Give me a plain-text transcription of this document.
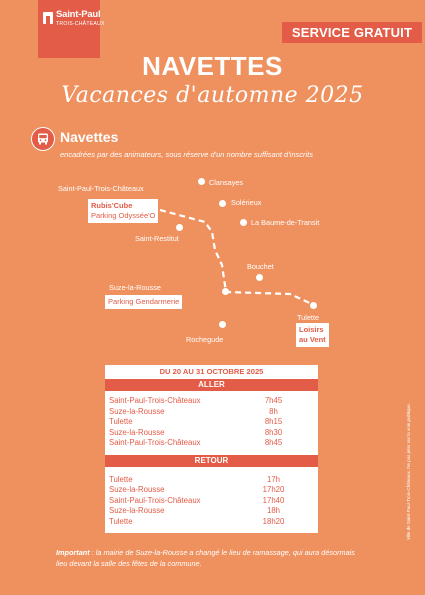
Saint-Paul
TROIS-CHÂTEAUX
SERVICE GRATUIT
NAVETTES
Vacances d'automne 2025
Navettes
encadrées par des animateurs, sous réserve d'un nombre suffisant d'inscrits
Clansayes
Saint-Paul-Trois-Châteaux
Solérieux
Rubis'Cube
Parking Odyssée'O
La Baume-de-Transit
Saint-Restitut
Bouchet
Suze-la-Rousse
Parking Gendarmerie
Tulette
Loisirs
au Vent
Rochegude
DU 20 AU 31 OCTOBRE 2025
ALLER
Saint-Paul-Trois-Châteaux	7h45
Suze-la-Rousse	8h
Tulette	8h15
Suze-la-Rousse	8h30
Saint-Paul-Trois-Châteaux	8h45
RETOUR
Tulette	17h
Suze-la-Rousse	17h20
Saint-Paul-Trois-Châteaux	17h40
Suze-la-Rousse	18h
Tulette	18h20
Important : la mairie de Suze-la-Rousse a changé le lieu de ramassage, qui aura désormais lieu devant la salle des fêtes de la commune.
Ville de Saint-Paul-Trois-Châteaux. Ne pas jeter sur la voie publique.
